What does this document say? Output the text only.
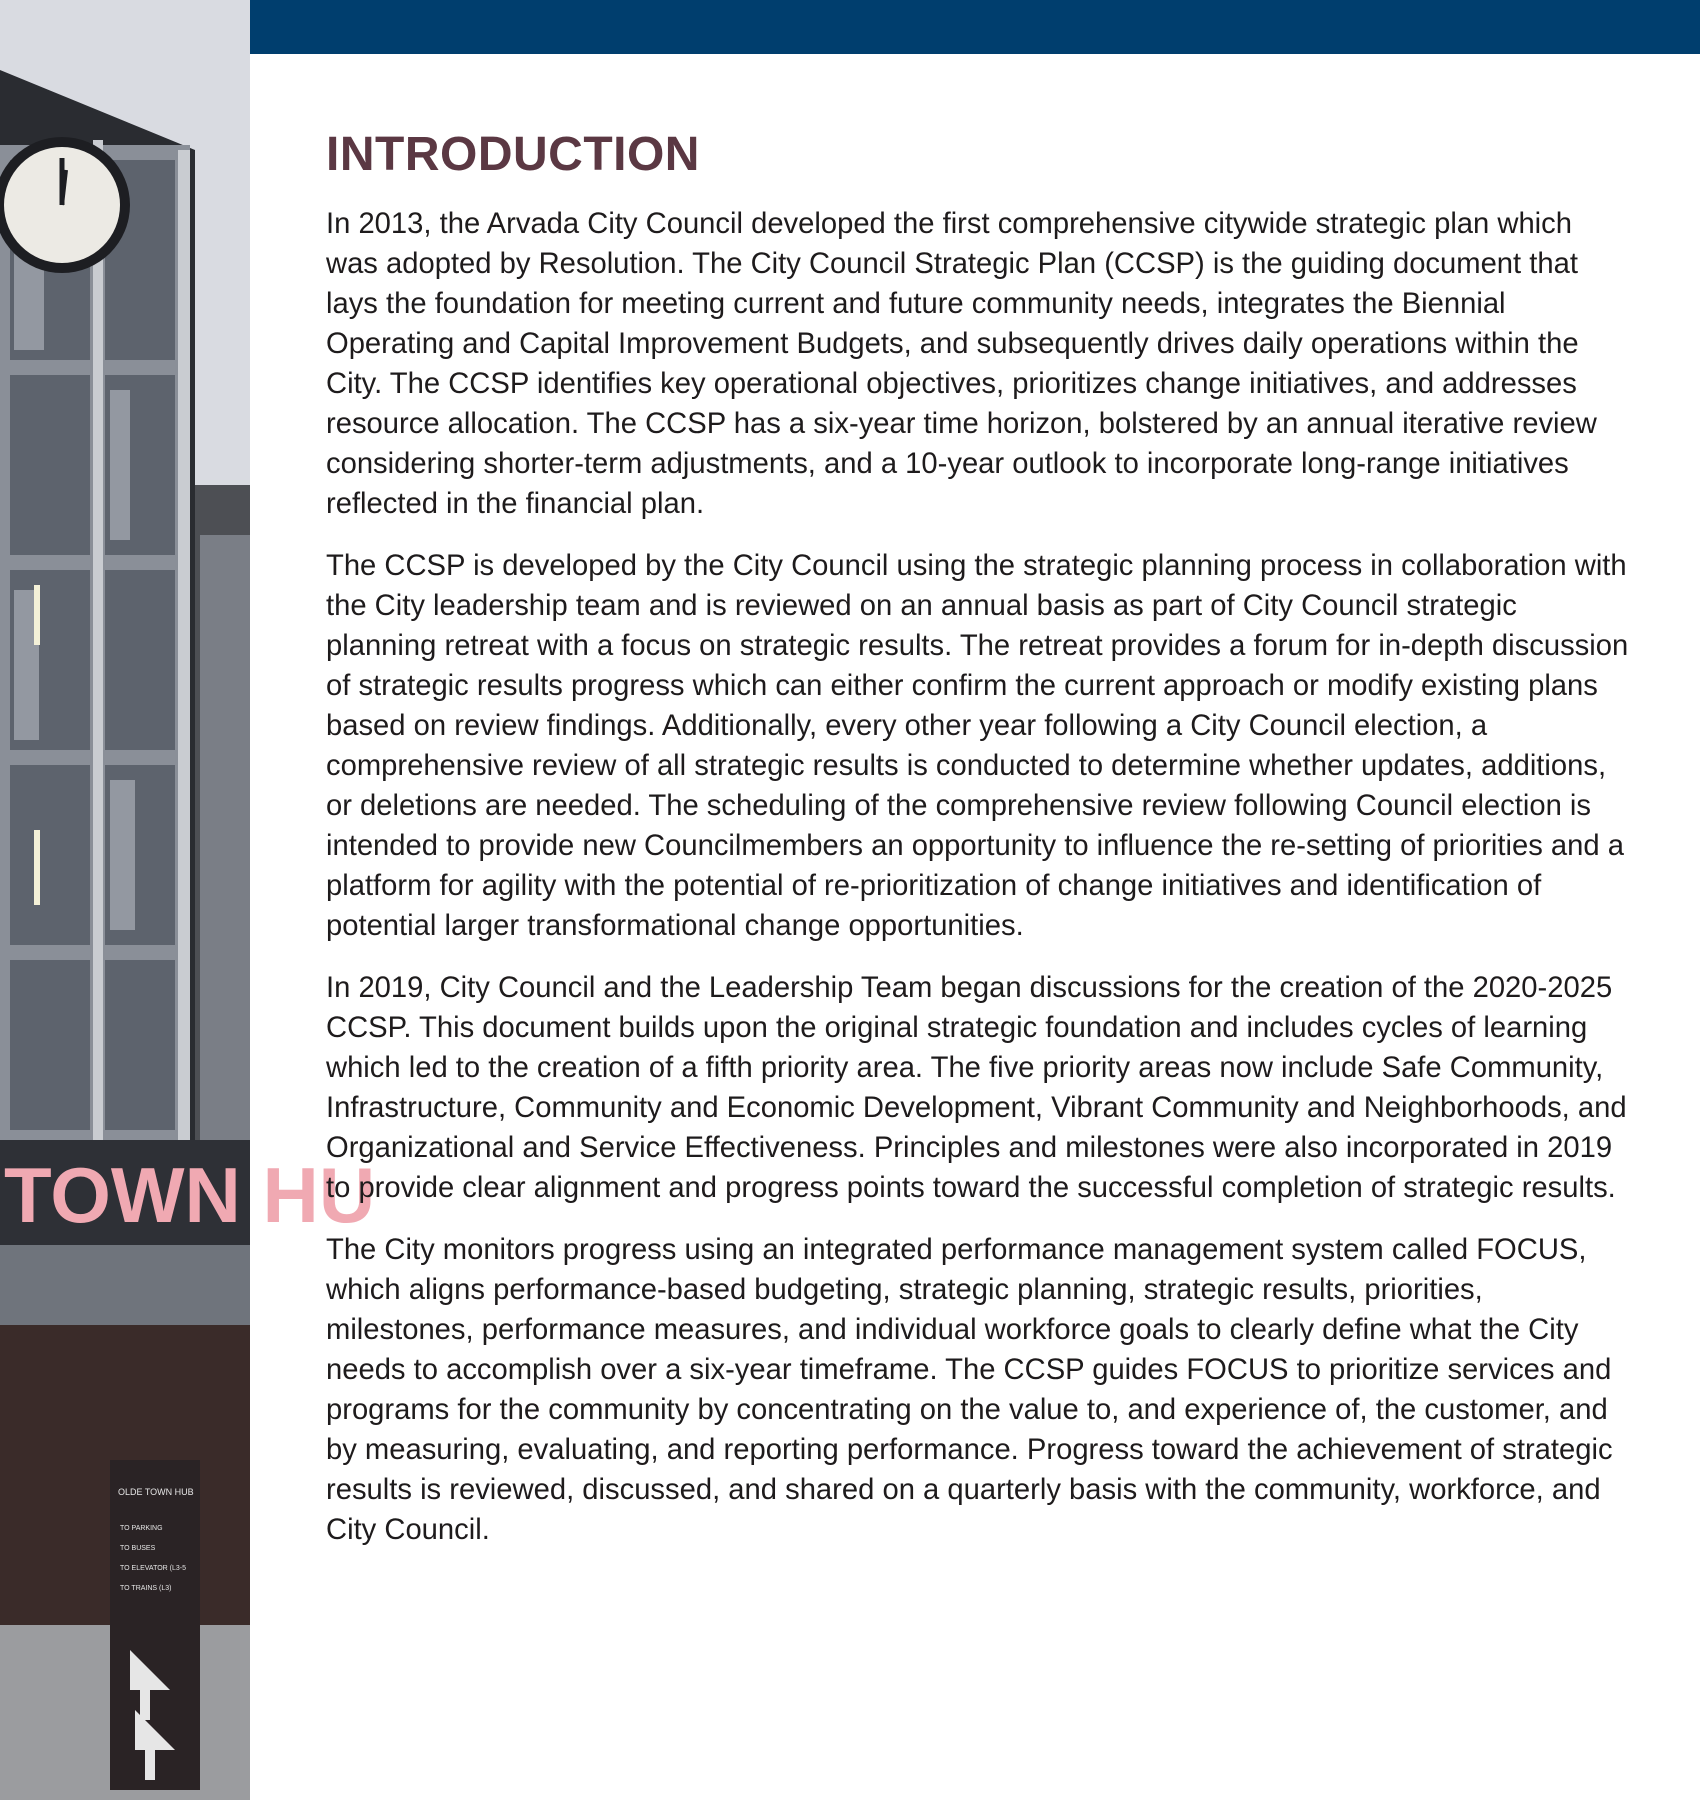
TOWN HU
OLDE TOWN HUB
TO PARKING
TO BUSES
TO ELEVATOR (L3-5
TO TRAINS (L3)
INTRODUCTION

In 2013, the Arvada City Council developed the first comprehensive citywide strategic plan which was adopted by Resolution. The City Council Strategic Plan (CCSP) is the guiding document that lays the foundation for meeting current and future community needs, integrates the Biennial Operating and Capital Improvement Budgets, and subsequently drives daily operations within the City. The CCSP identifies key operational objectives, prioritizes change initiatives, and addresses resource allocation. The CCSP has a six-year time horizon, bolstered by an annual iterative review considering shorter-term adjustments, and a 10-year outlook to incorporate long-range initiatives reflected in the financial plan.

The CCSP is developed by the City Council using the strategic planning process in collaboration with the City leadership team and is reviewed on an annual basis as part of City Council strategic planning retreat with a focus on strategic results. The retreat provides a forum for in-depth discussion of strategic results progress which can either confirm the current approach or modify existing plans based on review findings. Additionally, every other year following a City Council election, a comprehensive review of all strategic results is conducted to determine whether updates, additions, or deletions are needed. The scheduling of the comprehensive review following Council election is intended to provide new Councilmembers an opportunity to influence the re-setting of priorities and a platform for agility with the potential of re-prioritization of change initiatives and identification of potential larger transformational change opportunities.

In 2019, City Council and the Leadership Team began discussions for the creation of the 2020-2025 CCSP. This document builds upon the original strategic foundation and includes cycles of learning which led to the creation of a fifth priority area. The five priority areas now include Safe Community, Infrastructure, Community and Economic Development, Vibrant Community and Neighborhoods, and Organizational and Service Effectiveness. Principles and milestones were also incorporated in 2019 to provide clear alignment and progress points toward the successful completion of strategic results.

The City monitors progress using an integrated performance management system called FOCUS, which aligns performance-based budgeting, strategic planning, strategic results, priorities, milestones, performance measures, and individual workforce goals to clearly define what the City needs to accomplish over a six-year timeframe. The CCSP guides FOCUS to prioritize services and programs for the community by concentrating on the value to, and experience of, the customer, and by measuring, evaluating, and reporting performance. Progress toward the achievement of strategic results is reviewed, discussed, and shared on a quarterly basis with the community, workforce, and City Council.
